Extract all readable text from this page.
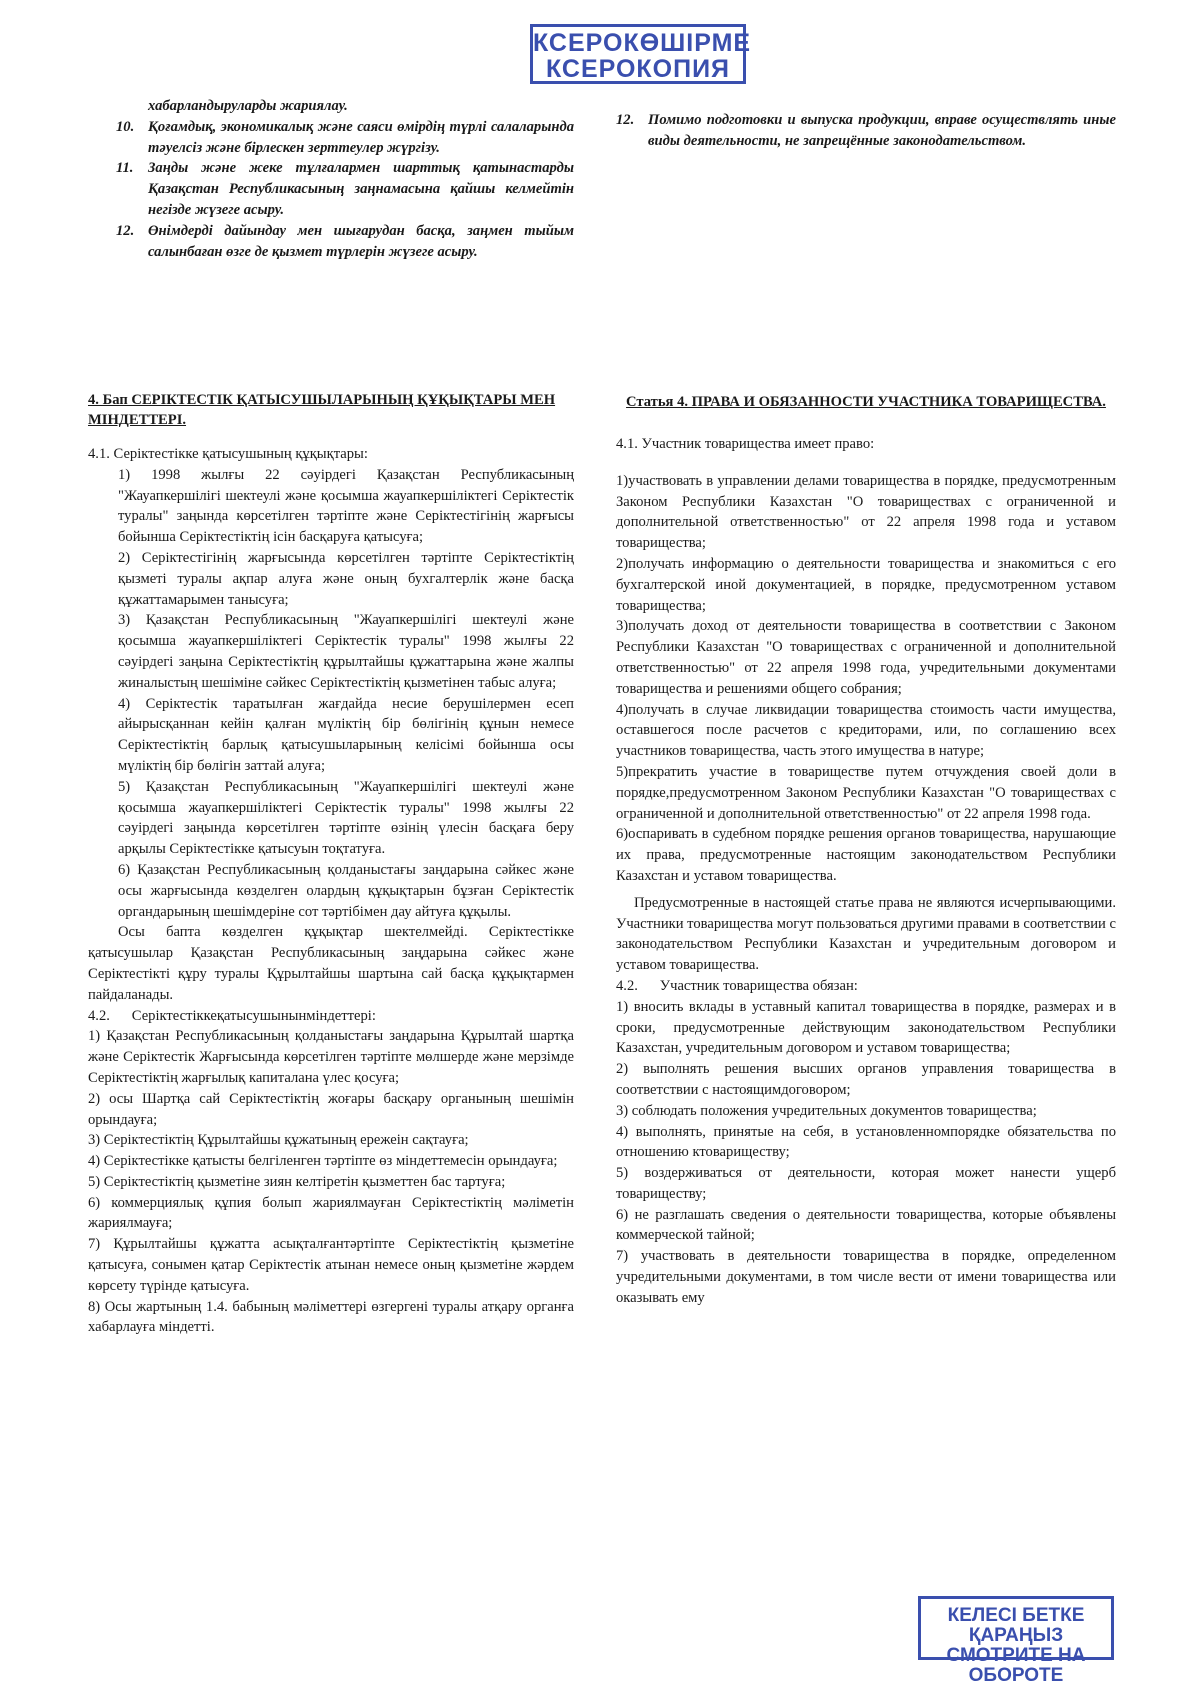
КСЕРОКӨШІРМЕ
КСЕРОКОПИЯ

хабарландыруларды жариялау.

10. Қоғамдық, экономикалық және саяси өмірдің түрлі салаларында тәуелсіз және бірлескен зерттеулер жүргізу.
11. Заңды және жеке тұлғалармен шарттық қатынастарды Қазақстан Республикасының заңнамасына қайшы келмейтін негізде жүзеге асыру.
12. Өнімдерді дайындау мен шығарудан басқа, заңмен тыйым салынбаған өзге де қызмет түрлерін жүзеге асыру.
12. Помимо подготовки и выпуска продукции, вправе осуществлять иные виды деятельности, не запрещённые законодательством.

4. Бап СЕРІКТЕСТІК ҚАТЫСУШЫЛАРЫНЫҢ ҚҰҚЫҚТАРЫ МЕН МІНДЕТТЕРІ.

4.1. Серіктестікке қатысушының құқықтары:

1) 1998 жылғы 22 сәуірдегі Қазақстан Республикасының "Жауапкершілігі шектеулі және қосымша жауапкершіліктегі Серіктестік туралы" заңында көрсетілген тәртіпте және Серіктестігінің жарғысы бойынша Серіктестіктің ісін басқаруға қатысуға;

2) Серіктестігінің жарғысында көрсетілген тәртіпте Серіктестіктің қызметі туралы ақпар алуға және оның бухгалтерлік және басқа құжаттамарымен танысуға;

3) Қазақстан Республикасының "Жауапкершілігі шектеулі және қосымша жауапкершіліктегі Серіктестік туралы" 1998 жылғы 22 сәуірдегі заңына Серіктестіктің құрылтайшы құжаттарына және жалпы жиналыстың шешіміне сәйкес Серіктестіктің қызметінен табыс алуға;

4) Серіктестік таратылған жағдайда несие берушілермен есеп айырысқаннан кейін қалған мүліктің бір бөлігінің құнын немесе Серіктестіктің барлық қатысушыларының келісімі бойынша осы мүліктің бір бөлігін заттай алуға;

5) Қазақстан Республикасының "Жауапкершілігі шектеулі және қосымша жауапкершіліктегі Серіктестік туралы" 1998 жылғы 22 сәуірдегі заңында көрсетілген тәртіпте өзінің үлесін басқаға беру арқылы Серіктестікке қатысуын тоқтатуға.

6) Қазақстан Республикасының қолданыстағы заңдарына сәйкес және осы жарғысында көзделген олардың құқықтарын бұзған Серіктестік органдарының шешімдеріне сот тәртібімен дау айтуға құқылы.

Осы бапта көзделген құқықтар шектелмейді. Серіктестікке қатысушылар Қазақстан Республикасының заңдарына сәйкес және Серіктестікті құру туралы Құрылтайшы шартына сай басқа құқықтармен пайдаланады.

4.2.      Серіктестіккеқатысушынынміндеттері:

1) Қазақстан Республикасының қолданыстағы заңдарына Құрылтай шартқа және Серіктестік Жарғысында көрсетілген тәртіпте мөлшерде және мерзімде Серіктестіктің жарғылық капиталана үлес қосуға;

2) осы Шартқа сай Серіктестіктің жоғары басқару органының шешімін орындауға;

3) Серіктестіктің Құрылтайшы құжатының ережеін сақтауға;

4) Серіктестікке қатысты белгіленген тәртіпте өз міндеттемесін орындауға;

5) Серіктестіктің қызметіне зиян келтіретін қызметтен бас тартуға;

6) коммерциялық құпия болып жариялмауған Серіктестіктің мәліметін жариялмауға;

7) Құрылтайшы құжатта асықталғантәртіпте Серіктестіктің қызметіне қатысуға, сонымен қатар Серіктестік атынан немесе оның қызметіне жәрдем көрсету түрінде қатысуға.

8) Осы жартының 1.4. бабының мәліметтері өзгергені туралы атқару органға хабарлауға міндетті.

Статья 4. ПРАВА И ОБЯЗАННОСТИ УЧАСТНИКА ТОВАРИЩЕСТВА.

4.1. Участник товарищества имеет право:

1)участвовать в управлении делами товарищества в порядке, предусмотренным Законом Республики Казахстан "О товариществах с ограниченной и дополнительной ответственностью" от 22 апреля 1998 года и уставом товарищества;

2)получать информацию о деятельности товарищества и знакомиться с его бухгалтерской иной документацией, в порядке, предусмотренном уставом товарищества;

3)получать доход от деятельности товарищества в соответствии с Законом Республики Казахстан "О товариществах с ограниченной и дополнительной ответственностью" от 22 апреля 1998 года, учредительными документами товарищества и решениями общего собрания;

4)получать в случае ликвидации товарищества стоимость части имущества, оставшегося после расчетов с кредиторами, или, по соглашению всех участников товарищества, часть этого имущества в натуре;

5)прекратить участие в товариществе путем отчуждения своей доли в порядке,предусмотренном Законом Республики Казахстан "О товариществах с ограниченной и дополнительной ответственностью" от 22 апреля 1998 года.

6)оспаривать в судебном порядке решения органов товарищества, нарушающие их права, предусмотренные настоящим законодательством Республики Казахстан и уставом товарищества.

Предусмотренные в настоящей статье права не являются исчерпывающими. Участники товарищества могут пользоваться другими правами в соответствии с законодательством Республики Казахстан и учредительным договором и уставом товарищества.

4.2.      Участник товарищества обязан:

1) вносить вклады в уставный капитал товарищества в порядке, размерах и в сроки, предусмотренные действующим законодательством Республики Казахстан, учредительным договором и уставом товарищества;

2) выполнять решения высших органов управления товарищества в соответствии с настоящимдоговором;

3) соблюдать положения учредительных документов товарищества;

4) выполнять, принятые на себя, в установленномпорядке обязательства по отношению ктовариществу;

5) воздерживаться от деятельности, которая может нанести ущерб товариществу;

6) не разглашать сведения о деятельности товарищества, которые объявлены коммерческой тайной;

7) участвовать в деятельности товарищества в порядке, определенном учредительными документами, в том числе вести от имени товарищества или оказывать ему

КЕЛЕСІ БЕТКЕ ҚАРАҢЫЗ
СМОТРИТЕ НА ОБОРОТЕ
